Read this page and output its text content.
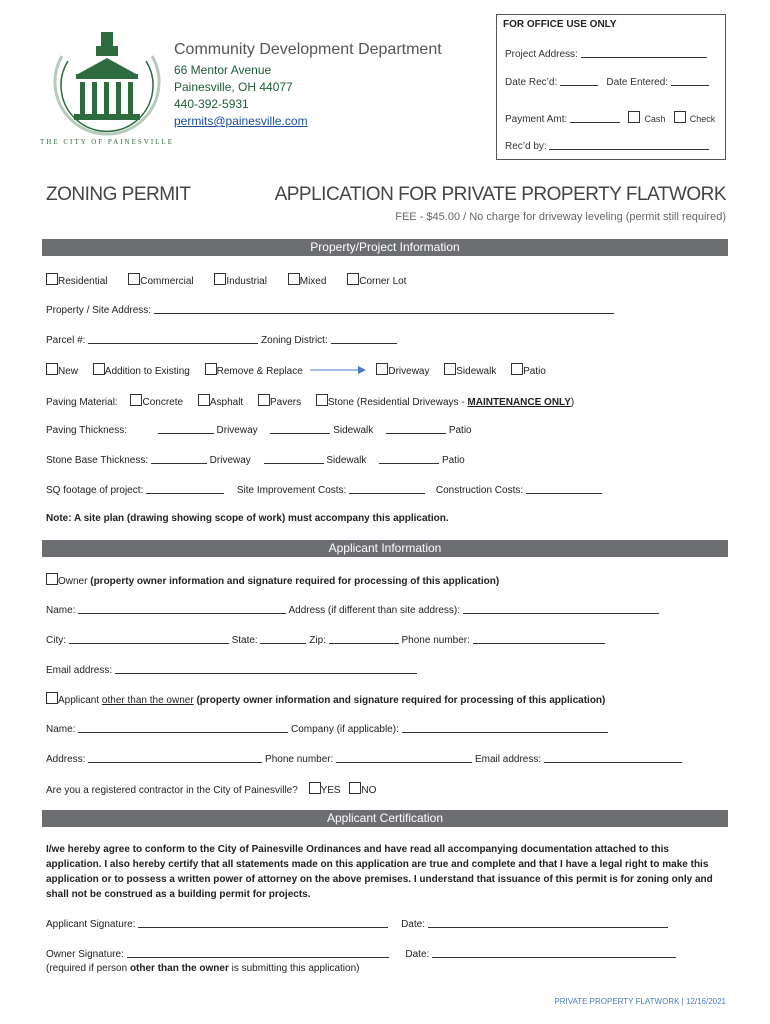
FOR OFFICE USE ONLY
Project Address:
Date Rec’d:	Date Entered:
Payment Amt:	Cash	Check
Rec’d by:
THE CITY OF PAINESVILLE
Community Development Department
66 Mentor Avenue
Painesville, OH 44077
440-392-5931
permits@painesville.com
ZONING PERMIT	APPLICATION FOR PRIVATE PROPERTY FLATWORK
FEE - $45.00 / No charge for driveway leveling (permit still required)
Property/Project Information
Residential	Commercial	Industrial	Mixed	Corner Lot
Property / Site Address:
Parcel #:	Zoning District:
New	Addition to Existing	Remove & Replace	Driveway	Sidewalk	Patio
Paving Material: Concrete	Asphalt	Pavers	Stone (Residential Driveways - MAINTENANCE ONLY)
Paving Thickness:	Driveway	Sidewalk	Patio
Stone Base Thickness:	Driveway	Sidewalk	Patio
SQ footage of project:	Site Improvement Costs:	Construction Costs:
Note: A site plan (drawing showing scope of work) must accompany this application.
Applicant Information
Owner (property owner information and signature required for processing of this application)
Name:	Address (if different than site address):
City:	State:	Zip:	Phone number:
Email address:
Applicant other than the owner (property owner information and signature required for processing of this application)
Name:	Company (if applicable):
Address:	Phone number:	Email address:
Are you a registered contractor in the City of Painesville? YES NO
Applicant Certification
I/we hereby agree to conform to the City of Painesville Ordinances and have read all accompanying documentation attached to this application. I also hereby certify that all statements made on this application are true and complete and that I have a legal right to make this application or to possess a written power of attorney on the above premises. I understand that issuance of this permit is for zoning only and shall not be construed as a building permit for projects.
Applicant Signature:	Date:
Owner Signature:	Date:
(required if person other than the owner is submitting this application)
PRIVATE PROPERTY FLATWORK | 12/16/2021
